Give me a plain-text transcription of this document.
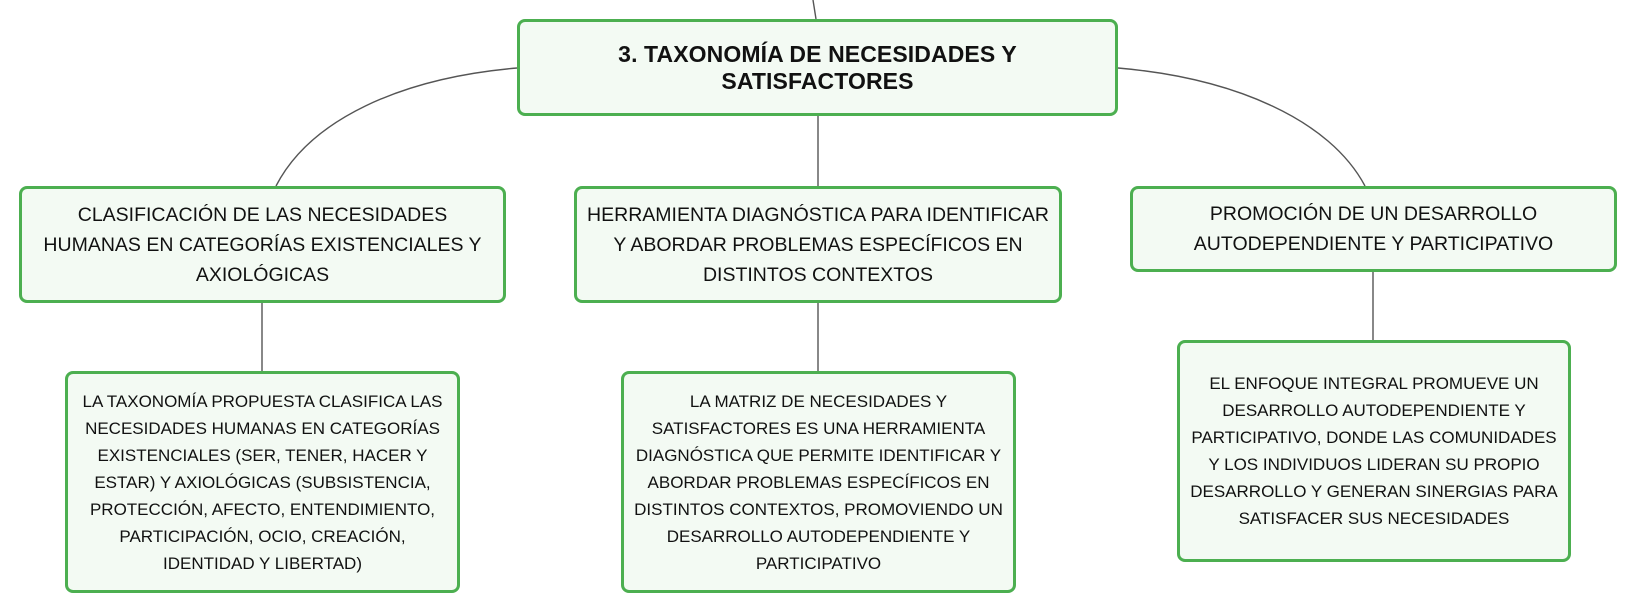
3. TAXONOMÍA DE NECESIDADES Y SATISFACTORES
CLASIFICACIÓN DE LAS NECESIDADES HUMANAS EN CATEGORÍAS EXISTENCIALES Y AXIOLÓGICAS
HERRAMIENTA DIAGNÓSTICA PARA IDENTIFICAR Y ABORDAR PROBLEMAS ESPECÍFICOS EN DISTINTOS CONTEXTOS
PROMOCIÓN DE UN DESARROLLO AUTODEPENDIENTE Y PARTICIPATIVO
LA TAXONOMÍA PROPUESTA CLASIFICA LAS NECESIDADES HUMANAS EN CATEGORÍAS EXISTENCIALES (SER, TENER, HACER Y ESTAR) Y AXIOLÓGICAS (SUBSISTENCIA, PROTECCIÓN, AFECTO, ENTENDIMIENTO, PARTICIPACIÓN, OCIO, CREACIÓN, IDENTIDAD Y LIBERTAD)
LA MATRIZ DE NECESIDADES Y SATISFACTORES ES UNA HERRAMIENTA DIAGNÓSTICA QUE PERMITE IDENTIFICAR Y ABORDAR PROBLEMAS ESPECÍFICOS EN DISTINTOS CONTEXTOS, PROMOVIENDO UN DESARROLLO AUTODEPENDIENTE Y PARTICIPATIVO
EL ENFOQUE INTEGRAL PROMUEVE UN DESARROLLO AUTODEPENDIENTE Y PARTICIPATIVO, DONDE LAS COMUNIDADES Y LOS INDIVIDUOS LIDERAN SU PROPIO DESARROLLO Y GENERAN SINERGIAS PARA SATISFACER SUS NECESIDADES
